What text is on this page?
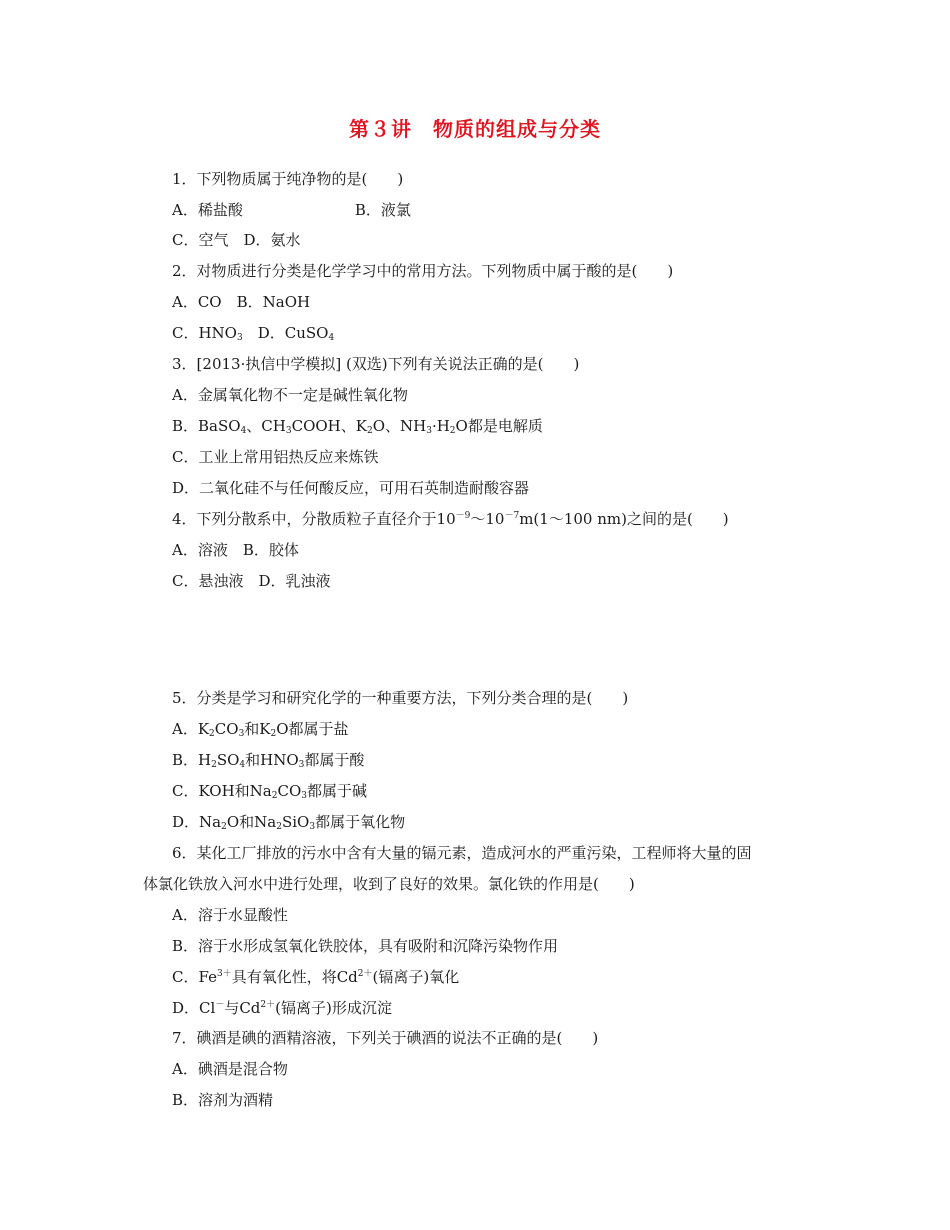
第３讲　物质的组成与分类
1．下列物质属于纯净物的是(　　)
A．稀盐酸	B．液氯
C．空气　D．氨水
2．对物质进行分类是化学学习中的常用方法。下列物质中属于酸的是(　　)
A．CO　B．NaOH
C．$HNO_3$　D．CuSO$_4$
3．[2013·执信中学模拟] (双选)下列有关说法正确的是(　　)
A．金属氧化物不一定是碱性氧化物
B．BaSO$_4$、$CH_3COOH$、$K_2O$、$NH_3\cdot H_2O$都是电解质
C．工业上常用铝热反应来炼铁
D．二氧化硅不与任何酸反应，可用石英制造耐酸容器
4．下列分散系中，分散质粒子直径介于$10^{-9}\sim 10^{-7}m(1\sim 100$ nm)之间的是(　　)
A．溶液　B．胶体
C．悬浊液　D．乳浊液
5．分类是学习和研究化学的一种重要方法，下列分类合理的是(　　)
A．$K_2CO_3$和$K_2O$都属于盐
B．$H_2SO_4$和$HNO_3$都属于酸
C．KOH和$Na_2CO_3$都属于碱
D．$Na_2O$和$Na_2SiO_3$都属于氧化物
6．某化工厂排放的污水中含有大量的镉元素，造成河水的严重污染，工程师将大量的固
体氯化铁放入河水中进行处理，收到了良好的效果。氯化铁的作用是(　　)
A．溶于水显酸性
B．溶于水形成氢氧化铁胶体，具有吸附和沉降污染物作用
C．$Fe^{3+}$具有氧化性，将$Cd^{2+}$(镉离子)氧化
D．Cl－与$Cd^{2+}$(镉离子)形成沉淀
7．碘酒是碘的酒精溶液，下列关于碘酒的说法不正确的是(　　)
A．碘酒是混合物
B．溶剂为酒精
